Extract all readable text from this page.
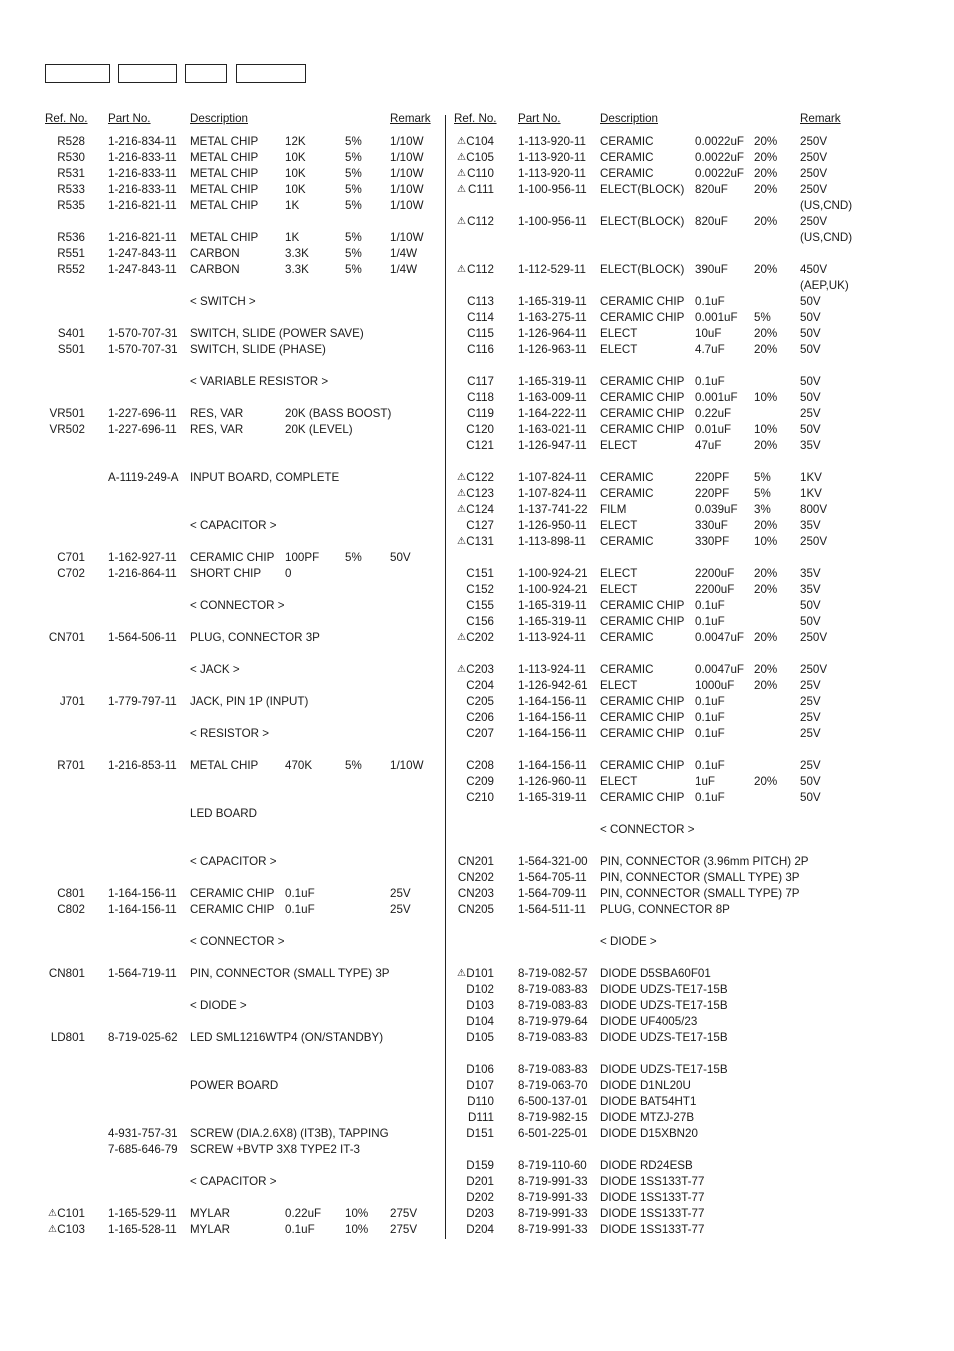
Ref. No. Part No.	Description	Remark
R528 1-216-834-11 METAL CHIP 12K	5% 1/10W
R530 1-216-833-11 METAL CHIP 10K	5% 1/10W
R531 1-216-833-11 METAL CHIP 10K	5% 1/10W
R533 1-216-833-11 METAL CHIP 10K	5% 1/10W
R535 1-216-821-11 METAL CHIP 1K	5% 1/10W
R536 1-216-821-11 METAL CHIP 1K	5% 1/10W
R551 1-247-843-11 CARBON	3.3K	5% 1/4W
R552 1-247-843-11 CARBON	3.3K	5% 1/4W
< SWITCH >
S401 1-570-707-31 SWITCH, SLIDE (POWER SAVE)
S501 1-570-707-31 SWITCH, SLIDE (PHASE)
< VARIABLE RESISTOR >
VR501 1-227-696-11 RES, VAR	20K (BASS BOOST)
VR502 1-227-696-11 RES, VAR	20K (LEVEL)
A-1119-249-A INPUT BOARD, COMPLETE
< CAPACITOR >
C701 1-162-927-11 CERAMIC CHIP 100PF 5% 50V
C702 1-216-864-11 SHORT CHIP 0
< CONNECTOR >
CN701 1-564-506-11 PLUG, CONNECTOR 3P
< JACK >
J701 1-779-797-11 JACK, PIN 1P (INPUT)
< RESISTOR >
R701 1-216-853-11 METAL CHIP 470K	5% 1/10W
LED BOARD
< CAPACITOR >
C801 1-164-156-11 CERAMIC CHIP 0.1uF	25V
C802 1-164-156-11 CERAMIC CHIP 0.1uF	25V
< CONNECTOR >
CN801 1-564-719-11 PIN, CONNECTOR (SMALL TYPE) 3P
< DIODE >
LD801 8-719-025-62 LED SML1216WTP4 (ON/STANDBY)
POWER BOARD
4-931-757-31 SCREW (DIA.2.6X8) (IT3B), TAPPING
7-685-646-79 SCREW +BVTP 3X8 TYPE2 IT-3
< CAPACITOR >
⚠ C101 1-165-529-11 MYLAR	0.22uF 10% 275V
⚠ C103 1-165-528-11 MYLAR	0.1uF	10% 275V
Ref. No. Part No.	Description	Remark
⚠ C104 1-113-920-11 CERAMIC	0.0022uF 20% 250V
⚠ C105 1-113-920-11 CERAMIC	0.0022uF 20% 250V
⚠ C110 1-113-920-11 CERAMIC	0.0022uF 20% 250V
⚠ C111 1-100-956-11 ELECT(BLOCK) 820uF 20% 250V
(US,CND)
⚠ C112 1-100-956-11 ELECT(BLOCK) 820uF 20% 250V
(US,CND)
⚠ C112 1-112-529-11 ELECT(BLOCK) 390uF 20% 450V
(AEP,UK)
C113 1-165-319-11 CERAMIC CHIP 0.1uF	50V
C114 1-163-275-11 CERAMIC CHIP 0.001uF 5%	50V
C115 1-126-964-11 ELECT	10uF	20% 50V
C116 1-126-963-11 ELECT	4.7uF	20% 50V
C117 1-165-319-11 CERAMIC CHIP 0.1uF	50V
C118 1-163-009-11 CERAMIC CHIP 0.001uF 10% 50V
C119 1-164-222-11 CERAMIC CHIP 0.22uF	25V
C120 1-163-021-11 CERAMIC CHIP 0.01uF 10% 50V
C121 1-126-947-11 ELECT	47uF	20% 35V
⚠ C122 1-107-824-11 CERAMIC	220PF 5%	1KV
⚠ C123 1-107-824-11 CERAMIC	220PF 5%	1KV
⚠ C124 1-137-741-22 FILM	0.039uF 3%	800V
C127 1-126-950-11 ELECT	330uF 20% 35V
⚠ C131 1-113-898-11 CERAMIC	330PF 10% 250V
C151 1-100-924-21 ELECT	2200uF 20% 35V
C152 1-100-924-21 ELECT	2200uF 20% 35V
C155 1-165-319-11 CERAMIC CHIP 0.1uF	50V
C156 1-165-319-11 CERAMIC CHIP 0.1uF	50V
⚠ C202 1-113-924-11 CERAMIC	0.0047uF 20% 250V
⚠ C203 1-113-924-11 CERAMIC	0.0047uF 20% 250V
C204 1-126-942-61 ELECT	1000uF 20% 25V
C205 1-164-156-11 CERAMIC CHIP 0.1uF	25V
C206 1-164-156-11 CERAMIC CHIP 0.1uF	25V
C207 1-164-156-11 CERAMIC CHIP 0.1uF	25V
C208 1-164-156-11 CERAMIC CHIP 0.1uF	25V
C209 1-126-960-11 ELECT	1uF	20% 50V
C210 1-165-319-11 CERAMIC CHIP 0.1uF	50V
< CONNECTOR >
CN201 1-564-321-00 PIN, CONNECTOR (3.96mm PITCH) 2P
CN202 1-564-705-11 PIN, CONNECTOR (SMALL TYPE) 3P
CN203 1-564-709-11 PIN, CONNECTOR (SMALL TYPE) 7P
CN205 1-564-511-11 PLUG, CONNECTOR 8P
< DIODE >
⚠ D101 8-719-082-57 DIODE D5SBA60F01
D102 8-719-083-83 DIODE UDZS-TE17-15B
D103 8-719-083-83 DIODE UDZS-TE17-15B
D104 8-719-979-64 DIODE UF4005/23
D105 8-719-083-83 DIODE UDZS-TE17-15B
D106 8-719-083-83 DIODE UDZS-TE17-15B
D107 8-719-063-70 DIODE D1NL20U
D110 6-500-137-01 DIODE BAT54HT1
D111 8-719-982-15 DIODE MTZJ-27B
D151 6-501-225-01 DIODE D15XBN20
D159 8-719-110-60 DIODE RD24ESB
D201 8-719-991-33 DIODE 1SS133T-77
D202 8-719-991-33 DIODE 1SS133T-77
D203 8-719-991-33 DIODE 1SS133T-77
D204 8-719-991-33 DIODE 1SS133T-77
